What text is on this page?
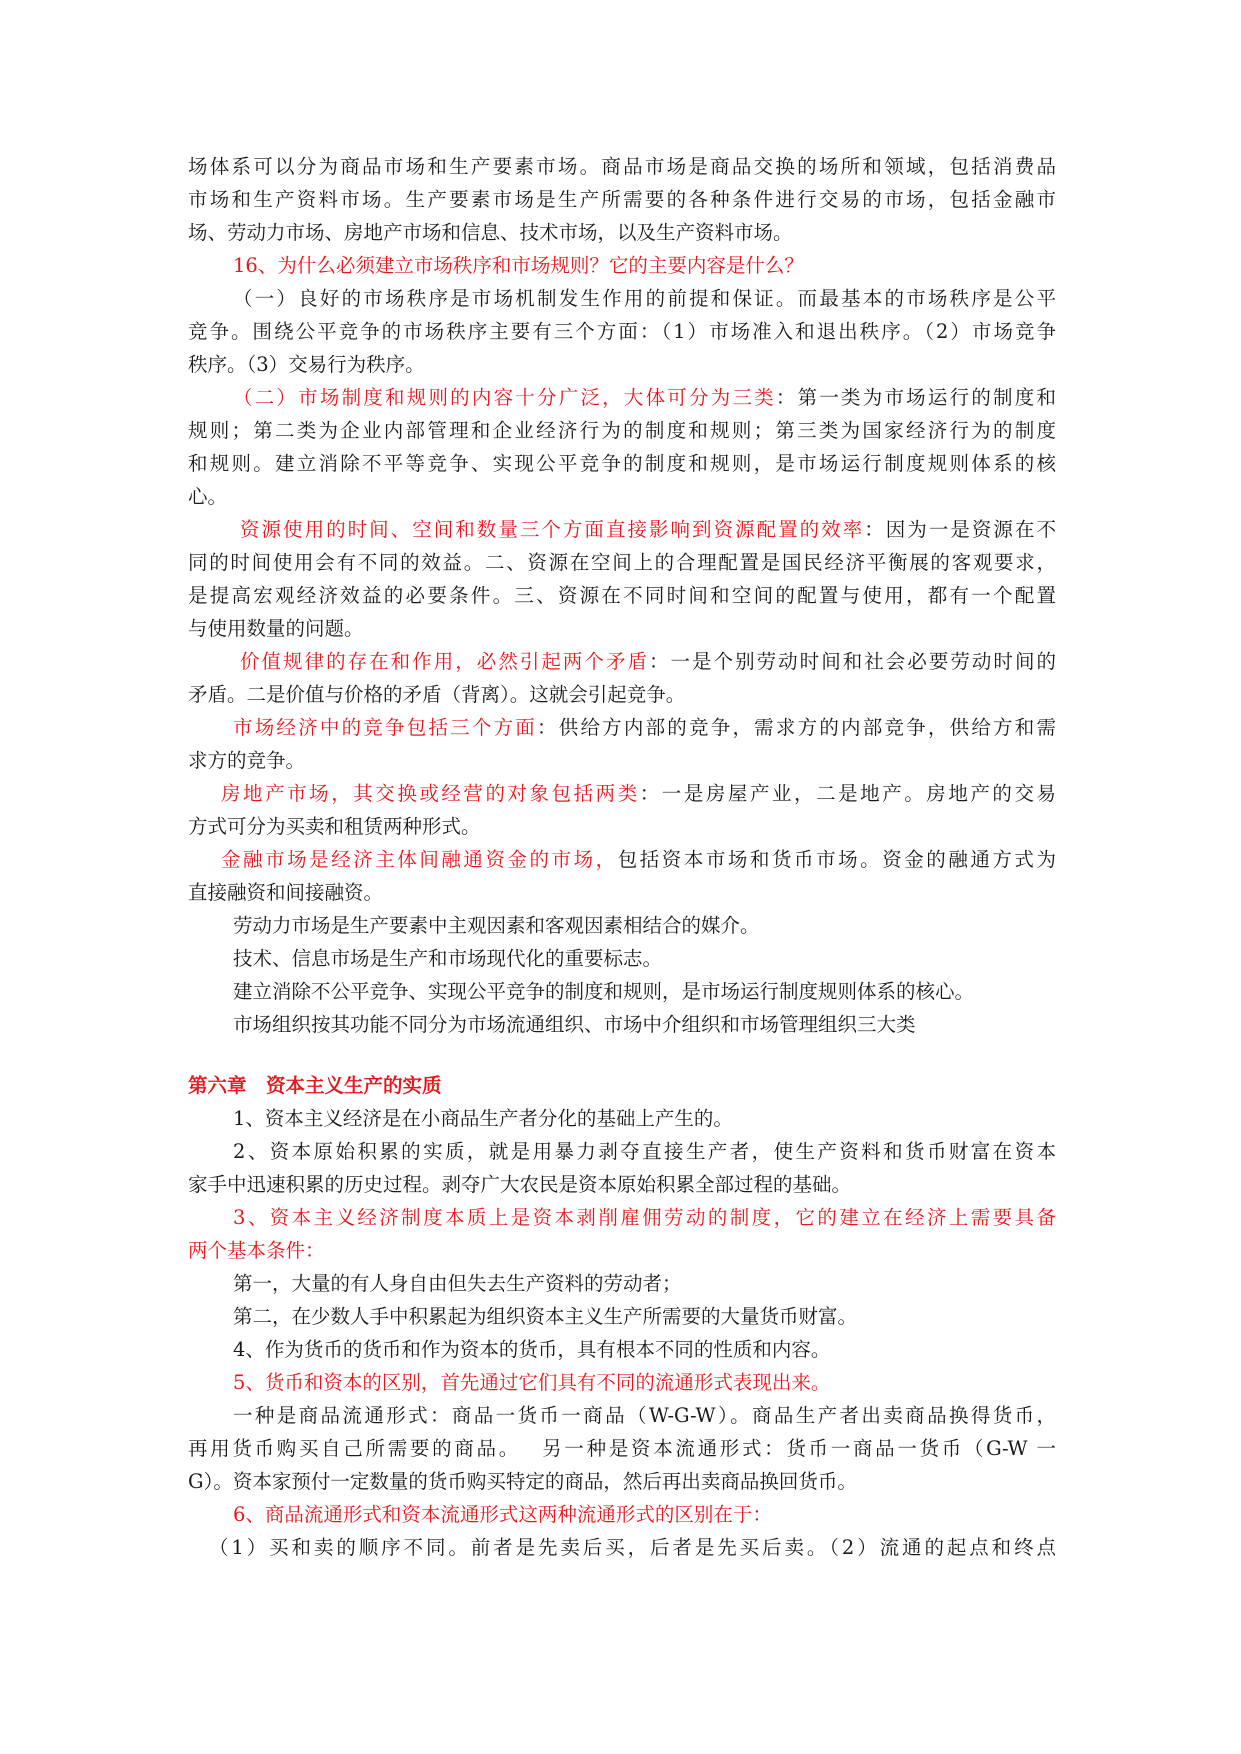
场体系可以分为商品市场和生产要素市场。商品市场是商品交换的场所和领域，包括消费品
市场和生产资料市场。生产要素市场是生产所需要的各种条件进行交易的市场，包括金融市
场、劳动力市场、房地产市场和信息、技术市场，以及生产资料市场。
16、为什么必须建立市场秩序和市场规则？它的主要内容是什么？
（一）良好的市场秩序是市场机制发生作用的前提和保证。而最基本的市场秩序是公平
竞争。围绕公平竞争的市场秩序主要有三个方面：（1）市场准入和退出秩序。（2）市场竞争
秩序。（3）交易行为秩序。
（二）市场制度和规则的内容十分广泛，大体可分为三类：第一类为市场运行的制度和
规则；第二类为企业内部管理和企业经济行为的制度和规则；第三类为国家经济行为的制度
和规则。建立消除不平等竞争、实现公平竞争的制度和规则，是市场运行制度规则体系的核
心。
资源使用的时间、空间和数量三个方面直接影响到资源配置的效率：因为一是资源在不
同的时间使用会有不同的效益。二、资源在空间上的合理配置是国民经济平衡展的客观要求，
是提高宏观经济效益的必要条件。三、资源在不同时间和空间的配置与使用，都有一个配置
与使用数量的问题。
价值规律的存在和作用，必然引起两个矛盾：一是个别劳动时间和社会必要劳动时间的
矛盾。二是价值与价格的矛盾（背离）。这就会引起竞争。
市场经济中的竞争包括三个方面：供给方内部的竞争，需求方的内部竞争，供给方和需
求方的竞争。
房地产市场，其交换或经营的对象包括两类：一是房屋产业，二是地产。房地产的交易
方式可分为买卖和租赁两种形式。
金融市场是经济主体间融通资金的市场，包括资本市场和货币市场。资金的融通方式为
直接融资和间接融资。
劳动力市场是生产要素中主观因素和客观因素相结合的媒介。
技术、信息市场是生产和市场现代化的重要标志。
建立消除不公平竞争、实现公平竞争的制度和规则，是市场运行制度规则体系的核心。
市场组织按其功能不同分为市场流通组织、市场中介组织和市场管理组织三大类
第六章　资本主义生产的实质
1、资本主义经济是在小商品生产者分化的基础上产生的。
2、资本原始积累的实质，就是用暴力剥夺直接生产者，使生产资料和货币财富在资本
家手中迅速积累的历史过程。剥夺广大农民是资本原始积累全部过程的基础。
3、资本主义经济制度本质上是资本剥削雇佣劳动的制度，它的建立在经济上需要具备
两个基本条件：
第一，大量的有人身自由但失去生产资料的劳动者；
第二，在少数人手中积累起为组织资本主义生产所需要的大量货币财富。
4、作为货币的货币和作为资本的货币，具有根本不同的性质和内容。
5、货币和资本的区别，首先通过它们具有不同的流通形式表现出来。
一种是商品流通形式：商品一货币一商品（W-G-W）。商品生产者出卖商品换得货币，
再用货币购买自己所需要的商品。　 另一种是资本流通形式：货币一商品一货币（G-W 一
G）。资本家预付一定数量的货币购买特定的商品，然后再出卖商品换回货币。
6、商品流通形式和资本流通形式这两种流通形式的区别在于：
（1）买和卖的顺序不同。前者是先卖后买，后者是先买后卖。（2）流通的起点和终点
